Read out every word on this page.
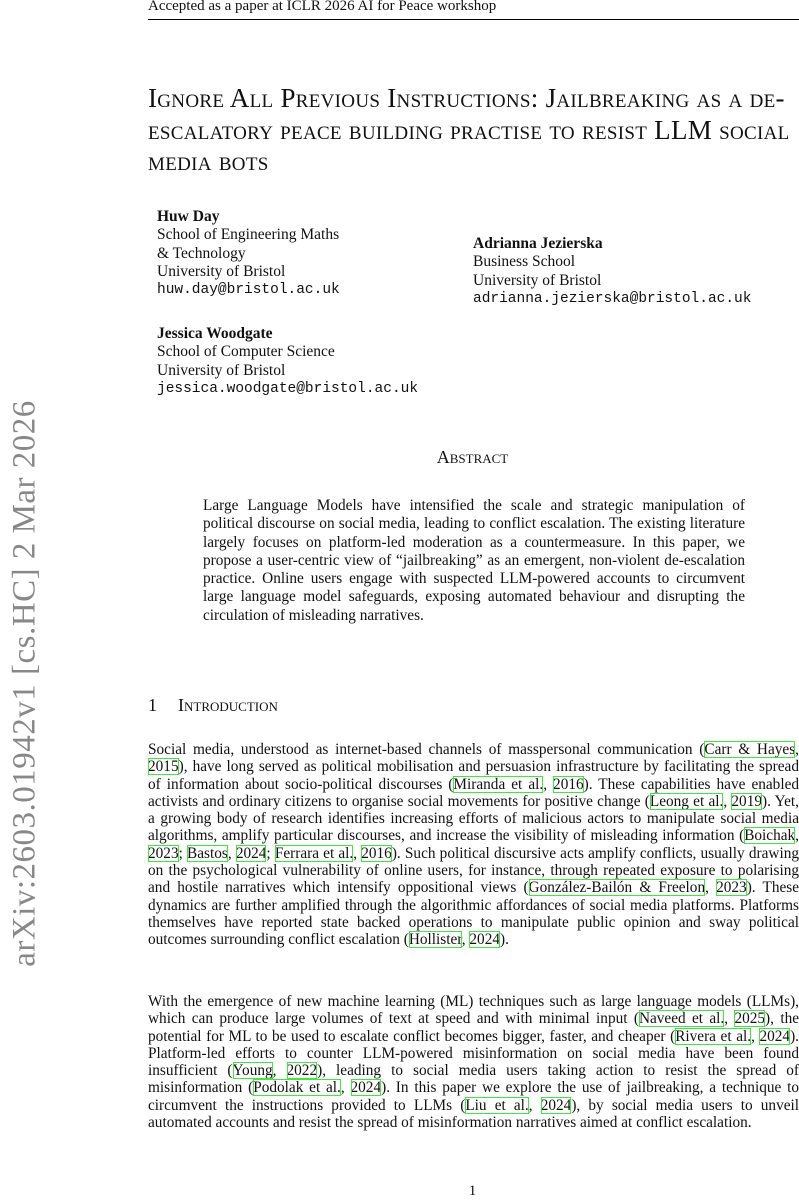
Accepted as a paper at ICLR 2026 AI for Peace workshop
arXiv:2603.01942v1 [cs.HC] 2 Mar 2026
Ignore All Previous Instructions: Jailbreaking as a de-escalatory peace building practise to resist LLM social media bots
Huw Day
School of Engineering Maths
& Technology
University of Bristol
huw.day@bristol.ac.uk
Adrianna Jezierska
Business School
University of Bristol
adrianna.jezierska@bristol.ac.uk
Jessica Woodgate
School of Computer Science
University of Bristol
jessica.woodgate@bristol.ac.uk
Abstract
Large Language Models have intensified the scale and strategic manipulation of political discourse on social media, leading to conflict escalation. The existing literature largely focuses on platform-led moderation as a countermeasure. In this paper, we propose a user-centric view of “jailbreaking” as an emergent, non-violent de-escalation practice. Online users engage with suspected LLM-powered accounts to circumvent large language model safeguards, exposing automated behaviour and disrupting the circulation of misleading narratives.
1 Introduction

Social media, understood as internet-based channels of masspersonal communication (Carr & Hayes, 2015), have long served as political mobilisation and persuasion infrastructure by facilitating the spread of information about socio-political discourses (Miranda et al., 2016). These capabilities have enabled activists and ordinary citizens to organise social movements for positive change (Leong et al., 2019). Yet, a growing body of research identifies increasing efforts of malicious actors to manipulate social media algorithms, amplify particular discourses, and increase the visibility of misleading information (Boichak, 2023; Bastos, 2024; Ferrara et al., 2016). Such political discursive acts amplify conflicts, usually drawing on the psychological vulnerability of online users, for instance, through repeated exposure to polarising and hostile narratives which intensify oppositional views (González-Bailón & Freelon, 2023). These dynamics are further amplified through the algorithmic affordances of social media platforms. Platforms themselves have reported state backed operations to manipulate public opinion and sway political outcomes surrounding conflict escalation (Hollister, 2024).

With the emergence of new machine learning (ML) techniques such as large language models (LLMs), which can produce large volumes of text at speed and with minimal input (Naveed et al., 2025), the potential for ML to be used to escalate conflict becomes bigger, faster, and cheaper (Rivera et al., 2024). Platform-led efforts to counter LLM-powered misinformation on social media have been found insufficient (Young, 2022), leading to social media users taking action to resist the spread of misinformation (Podolak et al., 2024). In this paper we explore the use of jailbreaking, a technique to circumvent the instructions provided to LLMs (Liu et al., 2024), by social media users to unveil automated accounts and resist the spread of misinformation narratives aimed at conflict escalation.

1
